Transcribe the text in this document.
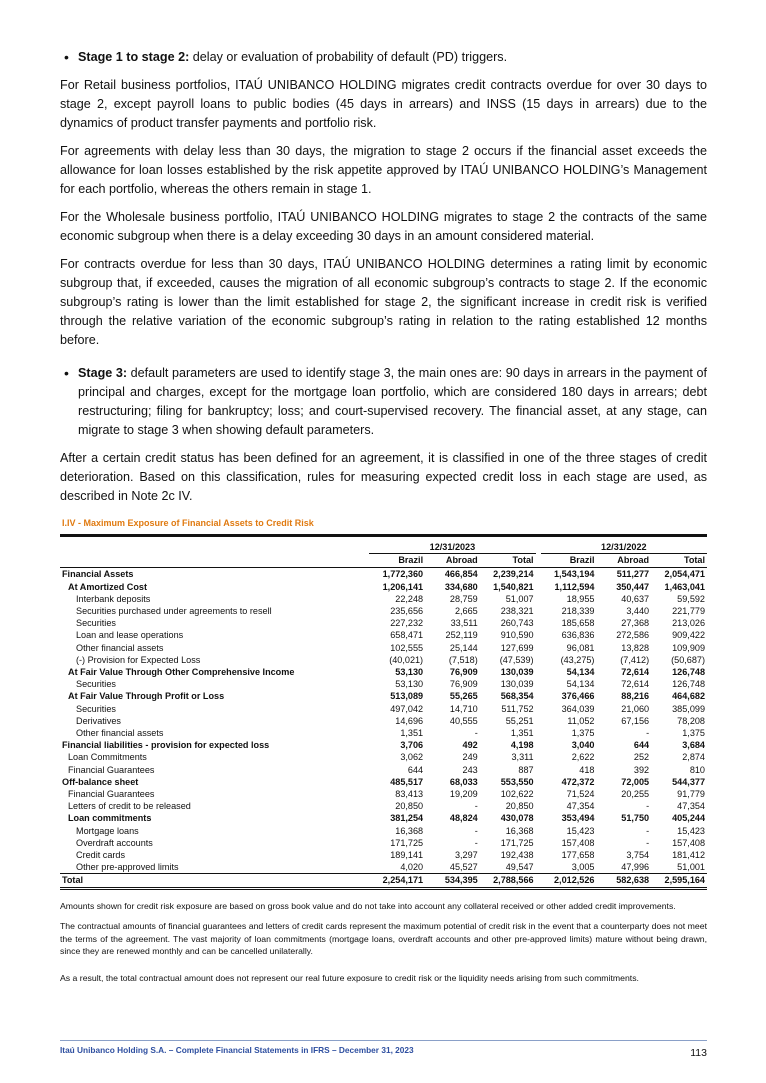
• Stage 1 to stage 2: delay or evaluation of probability of default (PD) triggers.

For Retail business portfolios, ITAÚ UNIBANCO HOLDING migrates credit contracts overdue for over 30 days to stage 2, except payroll loans to public bodies (45 days in arrears) and INSS (15 days in arrears) due to the dynamics of product transfer payments and portfolio risk.

For agreements with delay less than 30 days, the migration to stage 2 occurs if the financial asset exceeds the allowance for loan losses established by the risk appetite approved by ITAÚ UNIBANCO HOLDING’s Management for each portfolio, whereas the others remain in stage 1.

For the Wholesale business portfolio, ITAÚ UNIBANCO HOLDING migrates to stage 2 the contracts of the same economic subgroup when there is a delay exceeding 30 days in an amount considered material.

For contracts overdue for less than 30 days, ITAÚ UNIBANCO HOLDING determines a rating limit by economic subgroup that, if exceeded, causes the migration of all economic subgroup’s contracts to stage 2. If the economic subgroup’s rating is lower than the limit established for stage 2, the significant increase in credit risk is verified through the relative variation of the economic subgroup’s rating in relation to the rating established 12 months before.

• Stage 3: default parameters are used to identify stage 3, the main ones are: 90 days in arrears in the payment of principal and charges, except for the mortgage loan portfolio, which are considered 180 days in arrears; debt restructuring; filing for bankruptcy; loss; and court-supervised recovery. The financial asset, at any stage, can migrate to stage 3 when showing default parameters.

After a certain credit status has been defined for an agreement, it is classified in one of the three stages of credit deterioration. Based on this classification, rules for measuring expected credit loss in each stage are used, as described in Note 2c IV.

I.IV - Maximum Exposure of Financial Assets to Credit Risk

	12/31/2023				12/31/2022		
	Brazil	Abroad	Total		Brazil	Abroad	Total
Financial Assets	1,772,360	466,854	2,239,214		1,543,194	511,277	2,054,471
At Amortized Cost	1,206,141	334,680	1,540,821		1,112,594	350,447	1,463,041
Interbank deposits	22,248	28,759	51,007		18,955	40,637	59,592
Securities purchased under agreements to resell	235,656	2,665	238,321		218,339	3,440	221,779
Securities	227,232	33,511	260,743		185,658	27,368	213,026
Loan and lease operations	658,471	252,119	910,590		636,836	272,586	909,422
Other financial assets	102,555	25,144	127,699		96,081	13,828	109,909
(-) Provision for Expected Loss	(40,021)	(7,518)	(47,539)		(43,275)	(7,412)	(50,687)
At Fair Value Through Other Comprehensive Income	53,130	76,909	130,039		54,134	72,614	126,748
Securities	53,130	76,909	130,039		54,134	72,614	126,748
At Fair Value Through Profit or Loss	513,089	55,265	568,354		376,466	88,216	464,682
Securities	497,042	14,710	511,752		364,039	21,060	385,099
Derivatives	14,696	40,555	55,251		11,052	67,156	78,208
Other financial assets	1,351	-	1,351		1,375	-	1,375
Financial liabilities - provision for expected loss	3,706	492	4,198		3,040	644	3,684
Loan Commitments	3,062	249	3,311		2,622	252	2,874
Financial Guarantees	644	243	887		418	392	810
Off-balance sheet	485,517	68,033	553,550		472,372	72,005	544,377
Financial Guarantees	83,413	19,209	102,622		71,524	20,255	91,779
Letters of credit to be released	20,850	-	20,850		47,354	-	47,354
Loan commitments	381,254	48,824	430,078		353,494	51,750	405,244
Mortgage loans	16,368	-	16,368		15,423	-	15,423
Overdraft accounts	171,725	-	171,725		157,408	-	157,408
Credit cards	189,141	3,297	192,438		177,658	3,754	181,412
Other pre-approved limits	4,020	45,527	49,547		3,005	47,996	51,001
Total	2,254,171	534,395	2,788,566		2,012,526	582,638	2,595,164

Amounts shown for credit risk exposure are based on gross book value and do not take into account any collateral received or other added credit improvements.

The contractual amounts of financial guarantees and letters of credit cards represent the maximum potential of credit risk in the event that a counterparty does not meet the terms of the agreement. The vast majority of loan commitments (mortgage loans, overdraft accounts and other pre-approved limits) mature without being drawn, since they are renewed monthly and can be cancelled unilaterally.

As a result, the total contractual amount does not represent our real future exposure to credit risk or the liquidity needs arising from such commitments.

Itaú Unibanco Holding S.A. – Complete Financial Statements in IFRS – December 31, 2023	113
